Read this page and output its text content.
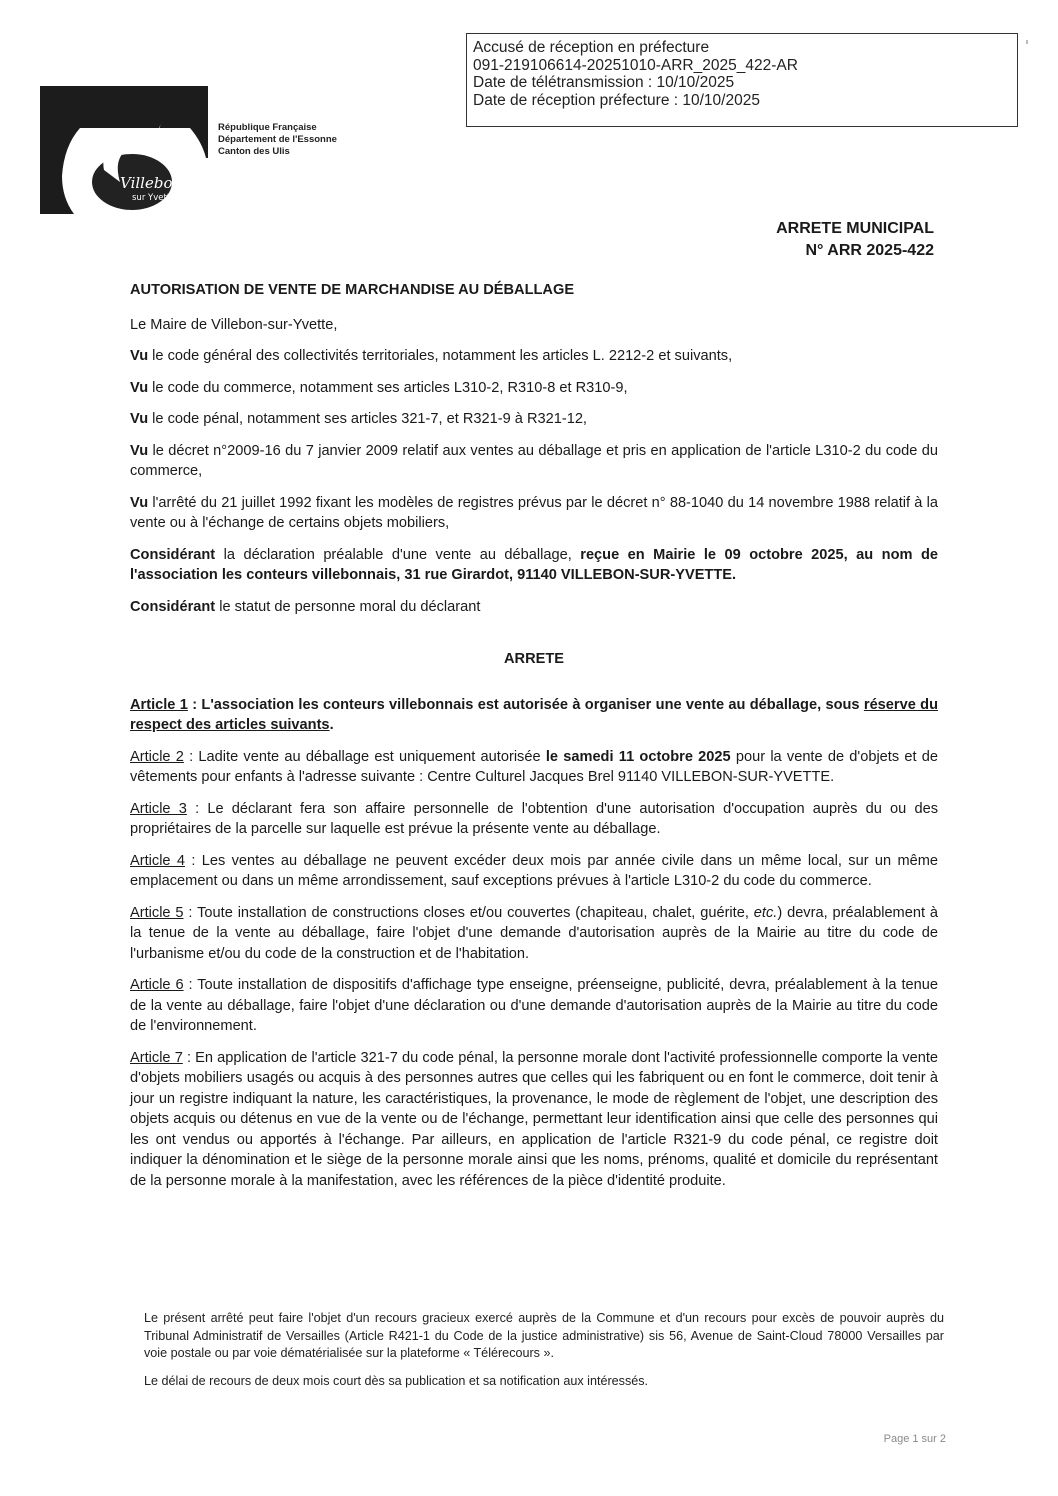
Accusé de réception en préfecture
091-219106614-20251010-ARR_2025_422-AR
Date de télétransmission : 10/10/2025
Date de réception préfecture : 10/10/2025
Villebon
sur Yvette
République Française
Département de l'Essonne
Canton des Ulis
ARRETE MUNICIPAL
N° ARR 2025-422

AUTORISATION DE VENTE DE MARCHANDISE AU DÉBALLAGE

Le Maire de Villebon-sur-Yvette,

Vu le code général des collectivités territoriales, notamment les articles L. 2212-2 et suivants,

Vu le code du commerce, notamment ses articles L310-2, R310-8 et R310-9,

Vu le code pénal, notamment ses articles 321-7, et R321-9 à R321-12,

Vu le décret n°2009-16 du 7 janvier 2009 relatif aux ventes au déballage et pris en application de l'article L310-2 du code du commerce,

Vu l'arrêté du 21 juillet 1992 fixant les modèles de registres prévus par le décret n° 88-1040 du 14 novembre 1988 relatif à la vente ou à l'échange de certains objets mobiliers,

Considérant la déclaration préalable d'une vente au déballage, reçue en Mairie le 09 octobre 2025, au nom de l'association les conteurs villebonnais, 31 rue Girardot, 91140 VILLEBON-SUR-YVETTE.

Considérant le statut de personne moral du déclarant

ARRETE

Article 1 : L'association les conteurs villebonnais est autorisée à organiser une vente au déballage, sous réserve du respect des articles suivants.

Article 2 : Ladite vente au déballage est uniquement autorisée le samedi 11 octobre 2025 pour la vente de d'objets et de vêtements pour enfants à l'adresse suivante : Centre Culturel Jacques Brel 91140 VILLEBON-SUR-YVETTE.

Article 3 : Le déclarant fera son affaire personnelle de l'obtention d'une autorisation d'occupation auprès du ou des propriétaires de la parcelle sur laquelle est prévue la présente vente au déballage.

Article 4 : Les ventes au déballage ne peuvent excéder deux mois par année civile dans un même local, sur un même emplacement ou dans un même arrondissement, sauf exceptions prévues à l'article L310-2 du code du commerce.

Article 5 : Toute installation de constructions closes et/ou couvertes (chapiteau, chalet, guérite, etc.) devra, préalablement à la tenue de la vente au déballage, faire l'objet d'une demande d'autorisation auprès de la Mairie au titre du code de l'urbanisme et/ou du code de la construction et de l'habitation.

Article 6 : Toute installation de dispositifs d'affichage type enseigne, préenseigne, publicité, devra, préalablement à la tenue de la vente au déballage, faire l'objet d'une déclaration ou d'une demande d'autorisation auprès de la Mairie au titre du code de l'environnement.

Article 7 : En application de l'article 321-7 du code pénal, la personne morale dont l'activité professionnelle comporte la vente d'objets mobiliers usagés ou acquis à des personnes autres que celles qui les fabriquent ou en font le commerce, doit tenir à jour un registre indiquant la nature, les caractéristiques, la provenance, le mode de règlement de l'objet, une description des objets acquis ou détenus en vue de la vente ou de l'échange, permettant leur identification ainsi que celle des personnes qui les ont vendus ou apportés à l'échange. Par ailleurs, en application de l'article R321-9 du code pénal, ce registre doit indiquer la dénomination et le siège de la personne morale ainsi que les noms, prénoms, qualité et domicile du représentant de la personne morale à la manifestation, avec les références de la pièce d'identité produite.

Le présent arrêté peut faire l'objet d'un recours gracieux exercé auprès de la Commune et d'un recours pour excès de pouvoir auprès du Tribunal Administratif de Versailles (Article R421-1 du Code de la justice administrative) sis 56, Avenue de Saint-Cloud 78000 Versailles par voie postale ou par voie dématérialisée sur la plateforme « Télérecours ».

Le délai de recours de deux mois court dès sa publication et sa notification aux intéressés.

Page 1 sur 2
